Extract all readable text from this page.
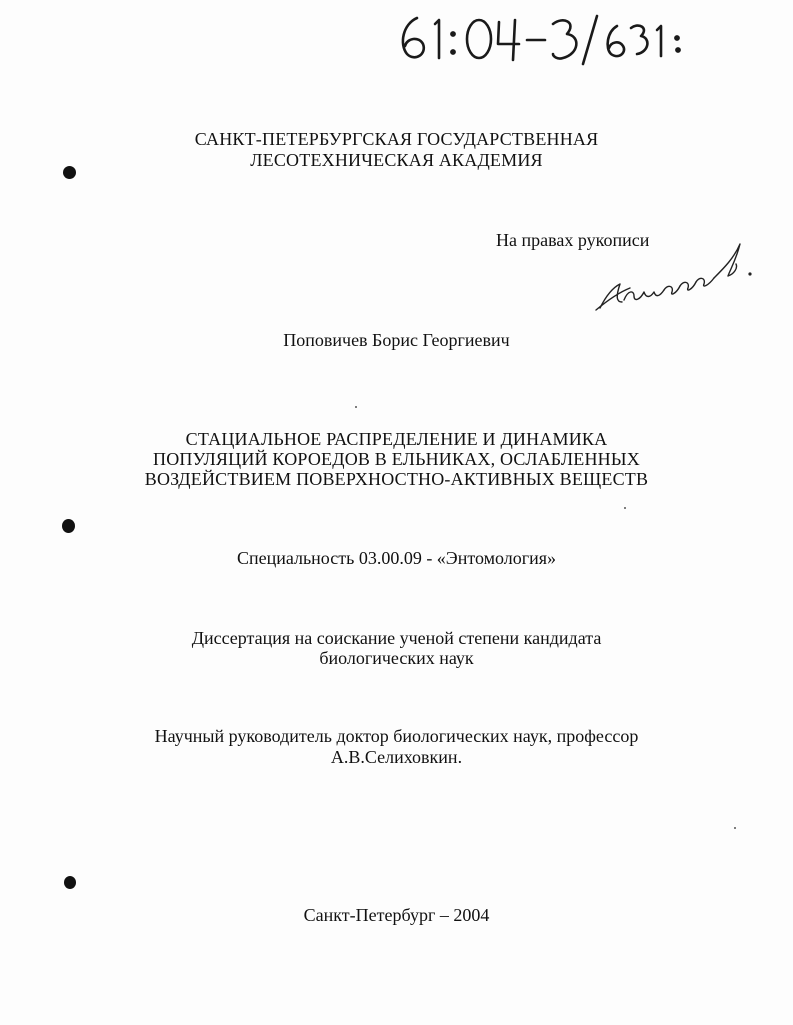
САНКТ-ПЕТЕРБУРГСКАЯ ГОСУДАРСТВЕННАЯ
ЛЕСОТЕХНИЧЕСКАЯ АКАДЕМИЯ
На правах рукописи
Поповичев Борис Георгиевич
СТАЦИАЛЬНОЕ РАСПРЕДЕЛЕНИЕ И ДИНАМИКА
ПОПУЛЯЦИЙ КОРОЕДОВ В ЕЛЬНИКАХ, ОСЛАБЛЕННЫХ
ВОЗДЕЙСТВИЕМ ПОВЕРХНОСТНО-АКТИВНЫХ ВЕЩЕСТВ
Специальность 03.00.09 - «Энтомология»
Диссертация на соискание ученой степени кандидата
биологических наук
Научный руководитель доктор биологических наук, профессор
А.В.Селиховкин.
Санкт-Петербург – 2004
